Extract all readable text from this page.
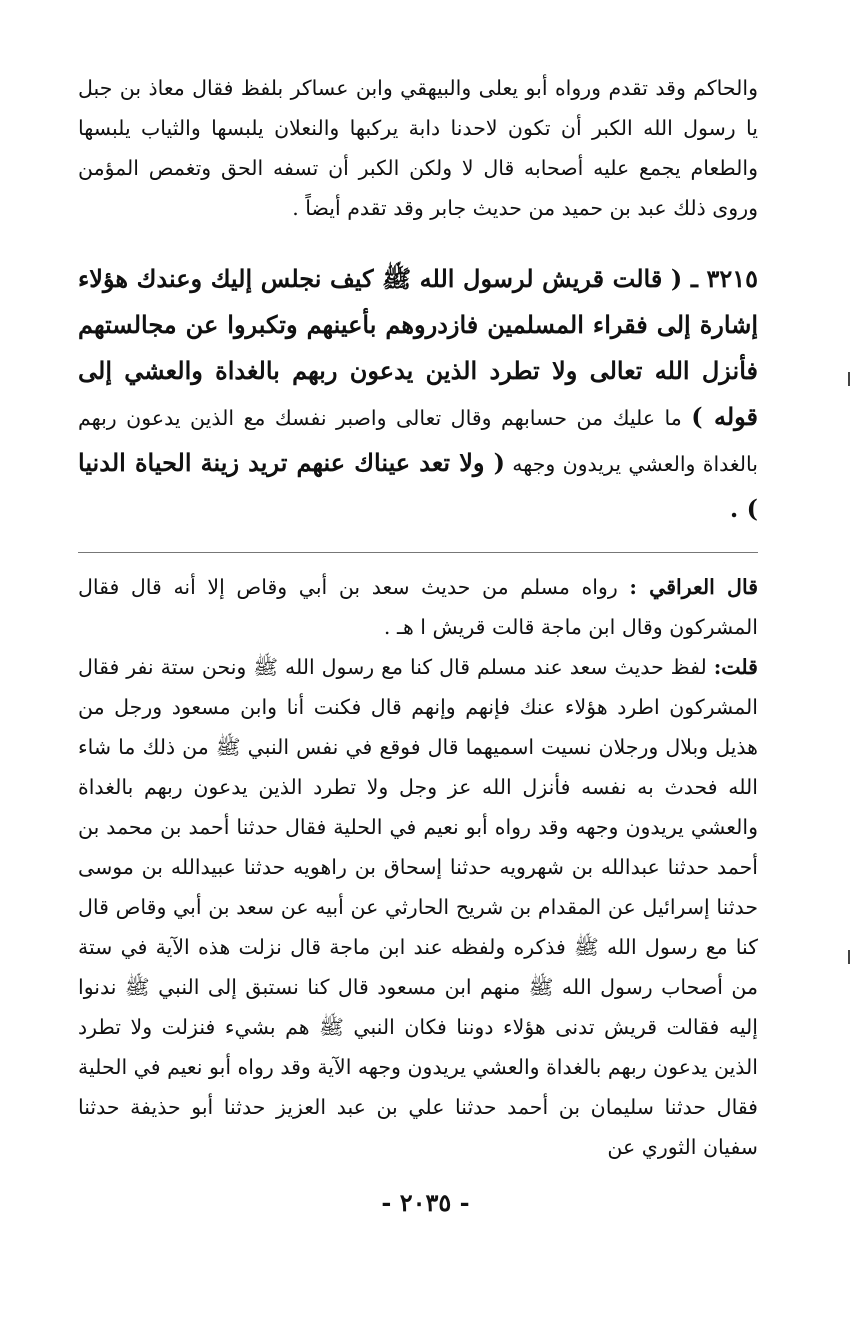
والحاكم وقد تقدم ورواه أبو يعلى والبيهقي وابن عساكر بلفظ فقال معاذ بن جبل يا رسول الله الكبر أن تكون لاحدنا دابة يركبها والنعلان يلبسها والثياب يلبسها والطعام يجمع عليه أصحابه قال لا ولكن الكبر أن تسفه الحق وتغمص المؤمن وروى ذلك عبد بن حميد من حديث جابر وقد تقدم أيضاً .

٣٢١٥ ـ ( قالت قريش لرسول الله ﷺ كيف نجلس إليك وعندك هؤلاء إشارة إلى فقراء المسلمين فازدروهم بأعينهم وتكبروا عن مجالستهم فأنزل الله تعالى ولا تطرد الذين يدعون ربهم بالغداة والعشي إلى قوله ) ما عليك من حسابهم وقال تعالى واصبر نفسك مع الذين يدعون ربهم بالغداة والعشي يريدون وجهه ( ولا تعد عيناك عنهم تريد زينة الحياة الدنيا ) .

قال العراقي : رواه مسلم من حديث سعد بن أبي وقاص إلا أنه قال فقال المشركون وقال ابن ماجة قالت قريش ا هـ .

قلت: لفظ حديث سعد عند مسلم قال كنا مع رسول الله ﷺ ونحن ستة نفر فقال المشركون اطرد هؤلاء عنك فإنهم وإنهم قال فكنت أنا وابن مسعود ورجل من هذيل وبلال ورجلان نسيت اسميهما قال فوقع في نفس النبي ﷺ من ذلك ما شاء الله فحدث به نفسه فأنزل الله عز وجل ولا تطرد الذين يدعون ربهم بالغداة والعشي يريدون وجهه وقد رواه أبو نعيم في الحلية فقال حدثنا أحمد بن محمد بن أحمد حدثنا عبدالله بن شهرويه حدثنا إسحاق بن راهويه حدثنا عبيدالله بن موسى حدثنا إسرائيل عن المقدام بن شريح الحارثي عن أبيه عن سعد بن أبي وقاص قال كنا مع رسول الله ﷺ فذكره ولفظه عند ابن ماجة قال نزلت هذه الآية في ستة من أصحاب رسول الله ﷺ منهم ابن مسعود قال كنا نستبق إلى النبي ﷺ ندنوا إليه فقالت قريش تدنى هؤلاء دوننا فكان النبي ﷺ هم بشيء فنزلت ولا تطرد الذين يدعون ربهم بالغداة والعشي يريدون وجهه الآية وقد رواه أبو نعيم في الحلية فقال حدثنا سليمان بن أحمد حدثنا علي بن عبد العزيز حدثنا أبو حذيفة حدثنا سفيان الثوري عن

- ٢٠٣٥ -
